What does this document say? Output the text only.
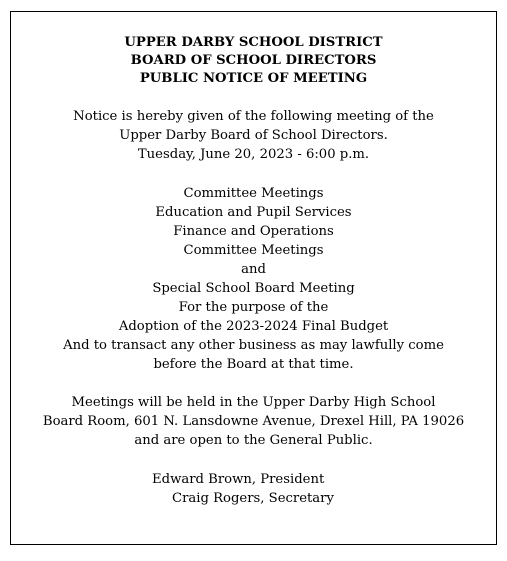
UPPER DARBY SCHOOL DISTRICT
BOARD OF SCHOOL DIRECTORS
PUBLIC NOTICE OF MEETING
Notice is hereby given of the following meeting of the
Upper Darby Board of School Directors.
Tuesday, June 20, 2023 - 6:00 p.m.
Committee Meetings
Education and Pupil Services
Finance and Operations
Committee Meetings
and
Special School Board Meeting
For the purpose of the
Adoption of the 2023-2024 Final Budget
And to transact any other business as may lawfully come
before the Board at that time.
Meetings will be held in the Upper Darby High School
Board Room, 601 N. Lansdowne Avenue, Drexel Hill, PA 19026
and are open to the General Public.
Edward Brown, President
Craig Rogers, Secretary
